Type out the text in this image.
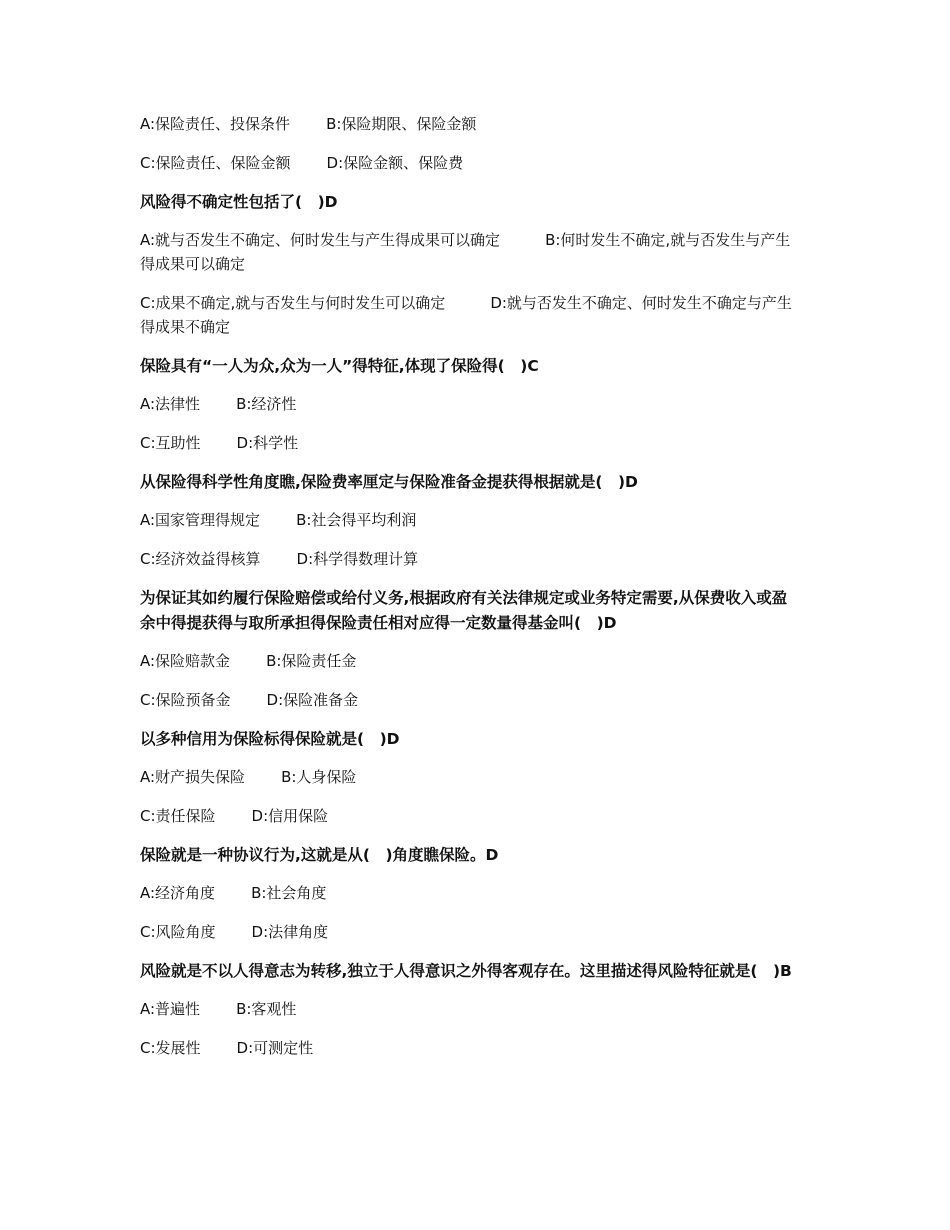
A:保险责任、投保条件 B:保险期限、保险金额
C:保险责任、保险金额 D:保险金额、保险费
风险得不确定性包括了(　)D
A:就与否发生不确定、何时发生与产生得成果可以确定　　　	B:何时发生不确定,就与否发生与产生得成果可以确定
C:成果不确定,就与否发生与何时发生可以确定　　　	D:就与否发生不确定、何时发生不确定与产生得成果不确定
保险具有“一人为众,众为一人”得特征,体现了保险得(　)C
A:法律性 B:经济性
C:互助性 D:科学性
从保险得科学性角度瞧,保险费率厘定与保险准备金提获得根据就是(　)D
A:国家管理得规定 B:社会得平均利润
C:经济效益得核算 D:科学得数理计算
为保证其如约履行保险赔偿或给付义务,根据政府有关法律规定或业务特定需要,从保费收入或盈余中得提获得与取所承担得保险责任相对应得一定数量得基金叫(　)D
A:保险赔款金 B:保险责任金
C:保险预备金 D:保险准备金
以多种信用为保险标得保险就是(　)D
A:财产损失保险 B:人身保险
C:责任保险 D:信用保险
保险就是一种协议行为,这就是从(　)角度瞧保险。D
A:经济角度 B:社会角度
C:风险角度 D:法律角度
风险就是不以人得意志为转移,独立于人得意识之外得客观存在。这里描述得风险特征就是(　)B
A:普遍性 B:客观性
C:发展性 D:可测定性
